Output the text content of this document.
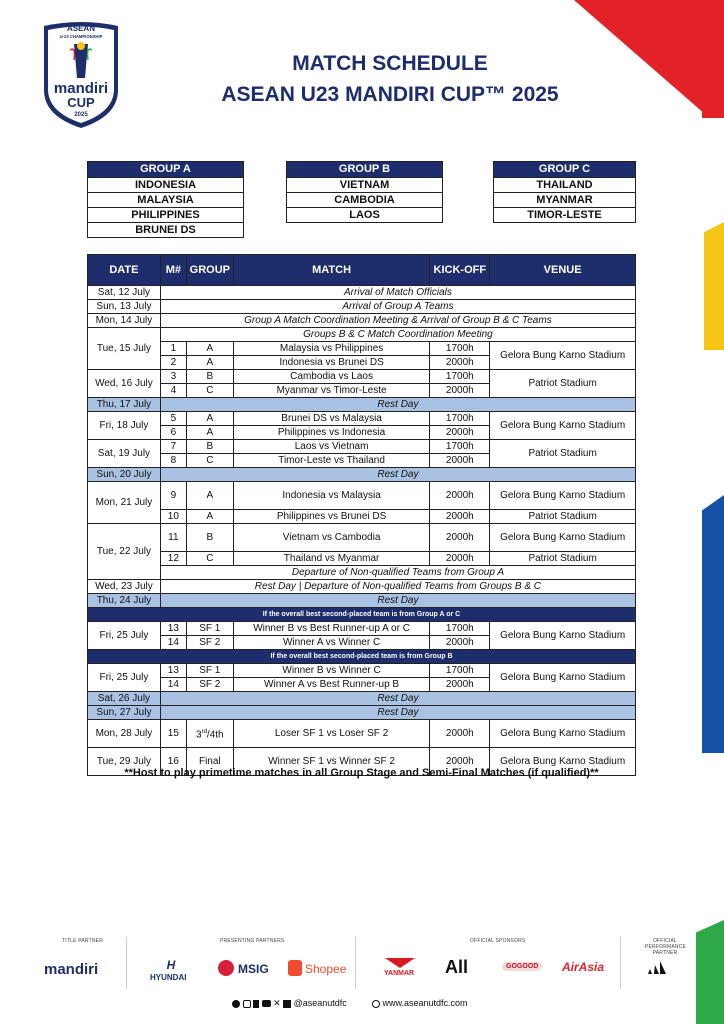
ASEAN
U-23 CHAMPIONSHIP
mandiri
CUP
2025
MATCH SCHEDULE
ASEAN U23 MANDIRI CUP™ 2025
GROUP A
INDONESIA
MALAYSIA
PHILIPPINES
BRUNEI DS
GROUP B
VIETNAM
CAMBODIA
LAOS
GROUP C
THAILAND
MYANMAR
TIMOR-LESTE
DATE	M#	GROUP	MATCH	KICK-OFF	VENUE
Sat, 12 July	Arrival of Match Officials				
Sun, 13 July	Arrival of Group A Teams				
Mon, 14 July	Group A Match Coordination Meeting & Arrival of Group B & C Teams				
Tue, 15 July	Groups B & C Match Coordination Meeting				
	1	A	Malaysia vs Philippines	1700h	Gelora Bung Karno Stadium
	2	A	Indonesia vs Brunei DS	2000h	
Wed, 16 July	3	B	Cambodia vs Laos	1700h	Patriot Stadium
	4	C	Myanmar vs Timor-Leste	2000h	
Thu, 17 July	Rest Day				
Fri, 18 July	5	A	Brunei DS vs Malaysia	1700h	Gelora Bung Karno Stadium
	6	A	Philippines vs Indonesia	2000h	
Sat, 19 July	7	B	Laos vs Vietnam	1700h	Patriot Stadium
	8	C	Timor-Leste vs Thailand	2000h	
Sun, 20 July	Rest Day				
Mon, 21 July	9	A	Indonesia vs Malaysia	2000h	Gelora Bung Karno Stadium
	10	A	Philippines vs Brunei DS	2000h	Patriot Stadium
Tue, 22 July	11	B	Vietnam vs Cambodia	2000h	Gelora Bung Karno Stadium
	12	C	Thailand vs Myanmar	2000h	Patriot Stadium
	Departure of Non-qualified Teams from Group A				
Wed, 23 July	Rest Day | Departure of Non-qualified Teams from Groups B & C				
Thu, 24 July	Rest Day				
If the overall best second-placed team is from Group A or C					
Fri, 25 July	13	SF 1	Winner B vs Best Runner-up A or C	1700h	Gelora Bung Karno Stadium
	14	SF 2	Winner A vs Winner C	2000h	
If the overall best second-placed team is from Group B					
Fri, 25 July	13	SF 1	Winner B vs Winner C	1700h	Gelora Bung Karno Stadium
	14	SF 2	Winner A vs Best Runner-up B	2000h	
Sat, 26 July	Rest Day				
Sun, 27 July	Rest Day				
Mon, 28 July	15	3rd/4th	Loser SF 1 vs Loser SF 2	2000h	Gelora Bung Karno Stadium
Tue, 29 July	16	Final	Winner SF 1 vs Winner SF 2	2000h	Gelora Bung Karno Stadium
**Host to play primetime matches in all Group Stage and Semi-Final Matches (if qualified)**
TITLE PARTNER	PRESENTING PARTNERS	OFFICIAL SPONSORS	OFFICIAL
PERFORMANCE PARTNER
mandiri	H
HYUNDAI
MSIG	Shopee	YANMAR All	GOGOOD	AirAsia
✕ @aseanutdfc	www.aseanutdfc.com
